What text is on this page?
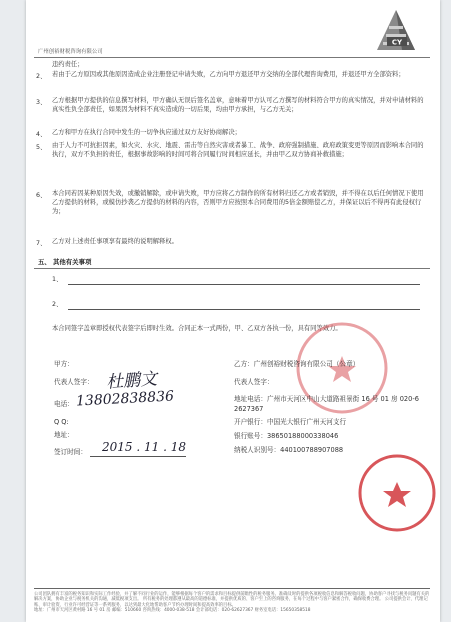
广州创裕财税咨询有限公司
CY
违约责任；
2、 若由于乙方原因或其他原因造成企业注册登记申请失败，乙方向甲方退还甲方交纳的全部代理咨询费用，并退还甲方全部资料；
3、 乙方根据甲方提供的信息撰写材料，甲方确认无误后签名盖章，意味着甲方认可乙方撰写的材料符合甲方的真实情况，并对申请材料的真实性负全部责任，如果因为材料不真实造成的一切后果，均由甲方承担，与乙方无关；
4、 乙方和甲方在执行合同中发生的一切争执应通过双方友好协商解决；
5、 由于人力不可抗拒因素，如火灾、水灾、地震、雷击等自然灾害或者暴工、战争、政府强制措施、政府政策变更等原因而影响本合同的执行，双方不负担的责任，根据事故影响的时间可将合同履行时间相应延长，并由甲乙双方协商补救措施；
6、 本合同若因某种原因失效，或撤销解除，或申请失败，甲方应将乙方制作的所有材料归还乙方或者销毁，并不得在以后任何情况下使用乙方提供的材料，或模仿抄袭乙方提供的材料的内容，否则甲方应按照本合同费用的5倍金额赔偿乙方，并保证以后不得再有此侵权行为；
7、 乙方对上述责任事项享有最终的说明解释权。
五、 其他有关事项
1、
2、
本合同签字盖章即授权代表签字后即时生效。合同正本一式两份，甲、乙双方各执一份，具有同等效力。
甲方：
代表人签字： 杜鹏文
电话： 13802838836
Q Q:
地址：
签订时间： 2015 . 11 . 18
乙方：广州创裕财税咨询有限公司（公章）
代表人签字：
地址电话：广州市天河区中山大道路祖景街 16 号 01 房 020-62627367
开户银行：中国光大银行广州天河支行
银行账号：38650188000338046
纳税人识别号：440100788907088
公司团队拥有丰富的税务知识和实际工作经验，并了解不同行业的运作，能够根据每个客户的需求和目标提供前瞻性的税务服务。准确及时的提供各项税收信息和解答税收问题，协助客户寻找与税务问题有关的解决方案，协助企业与税务机关的沟通，减低税项支出。 所有税务的处理都遵从最高的道德标准，并提供优质的、客户至上的咨询服务，在每个过程中与客户紧密合作，确保收费合理。 公司提供会计、代理记账、审计验资、行业许可经营证等一系列服务，以达到最大化地帮助客户节约办理时间和提高效率的目标。
地址：广州市天河区黄村路 16 号 01 房 邮编：510660 咨询热线：4000-038-518 会计部电话：020-62627367 财务室电话：15650358518
